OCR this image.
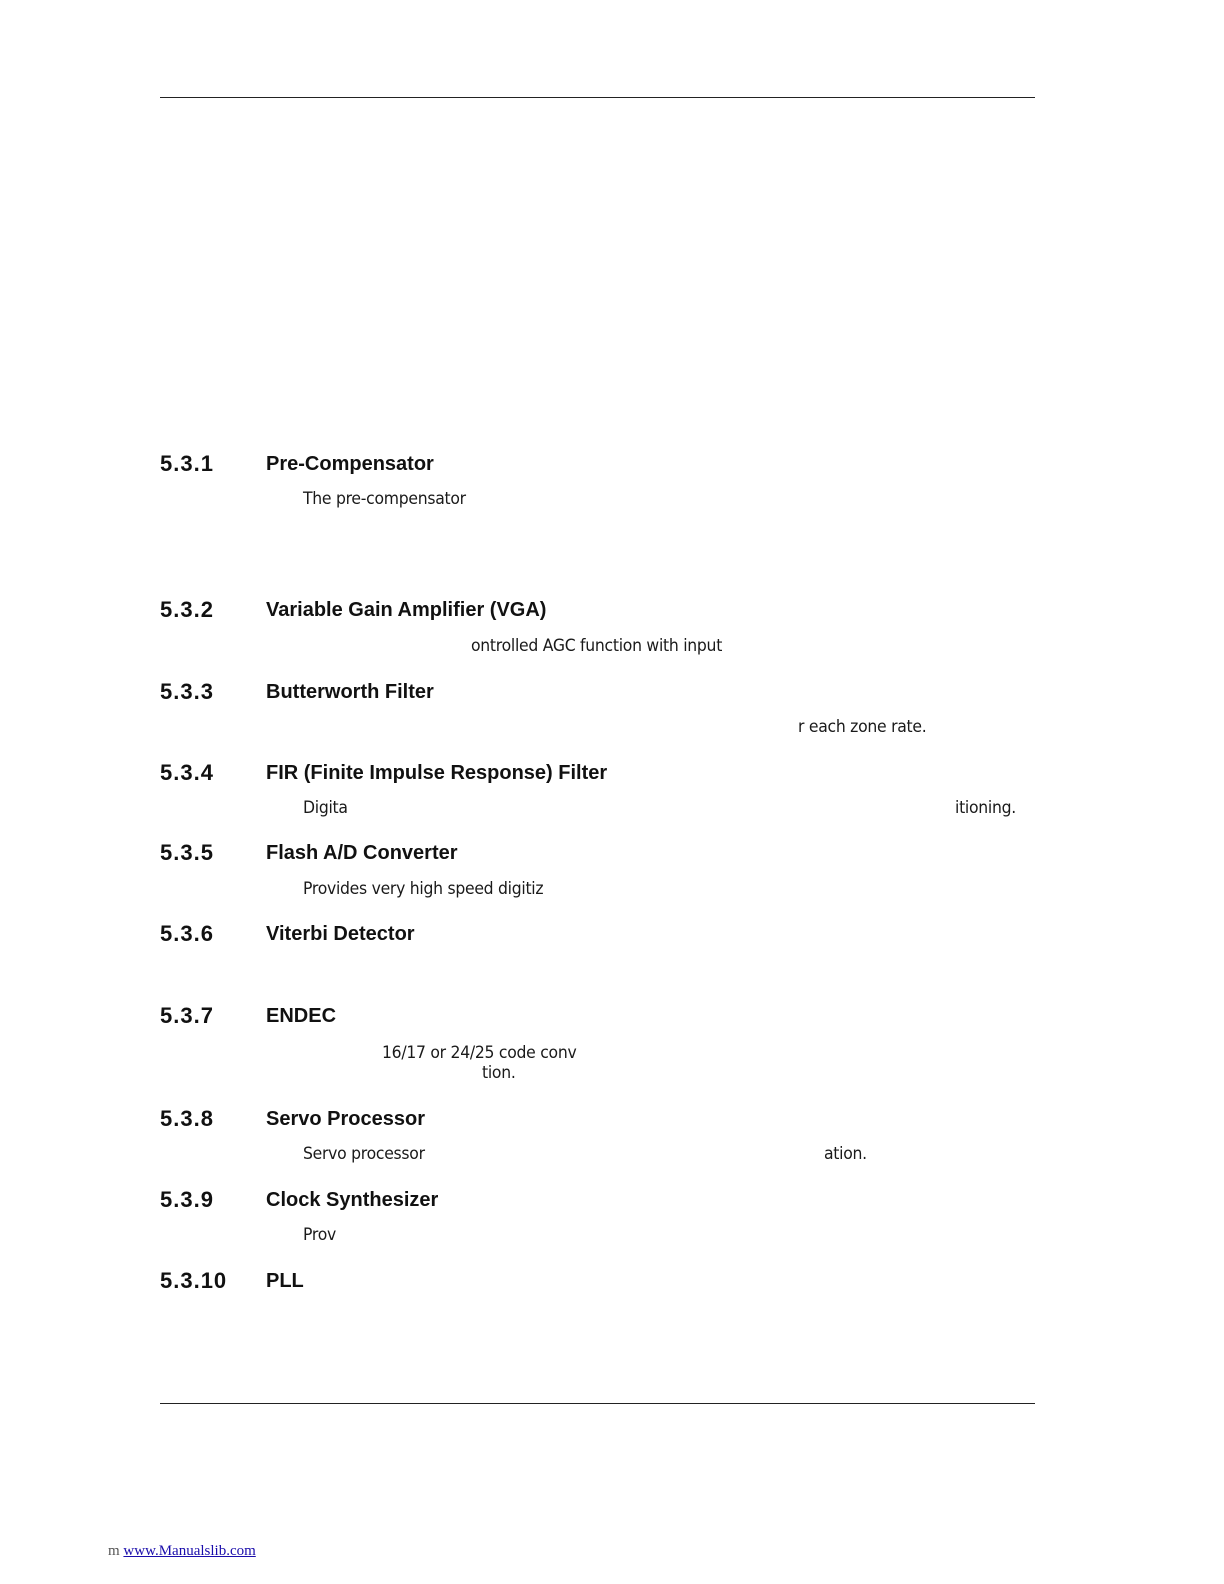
5.3.1	Pre-Compensator
The pre-compensator
5.3.2	Variable Gain Amplifier (VGA)
ontrolled AGC function with input
5.3.3	Butterworth Filter
r each zone rate.
5.3.4	FIR (Finite Impulse Response) Filter
Digita	itioning.
5.3.5	Flash A/D Converter
Provides very high speed digitiz
5.3.6	Viterbi Detector
5.3.7	ENDEC
16/17 or 24/25 code conv
tion.
5.3.8	Servo Processor
Servo processor	ation.
5.3.9	Clock Synthesizer
Prov
5.3.10 PLL
m www.Manualslib.com
